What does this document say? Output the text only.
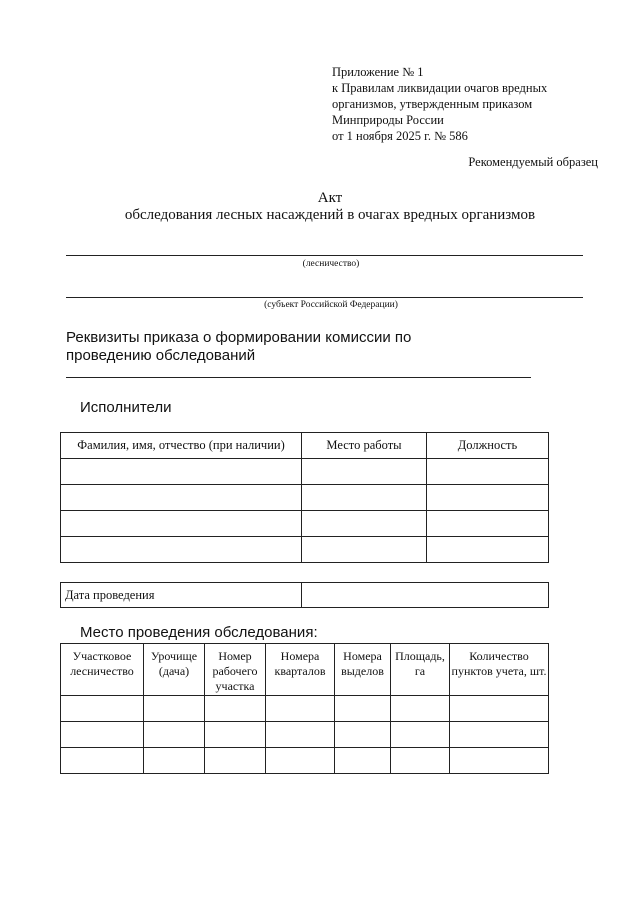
Приложение № 1
к Правилам ликвидации очагов вредных
организмов, утвержденным приказом
Минприроды России
от 1 ноября 2025 г. № 586
Рекомендуемый образец
Акт
обследования лесных насаждений в очагах вредных организмов
(лесничество)
(субъект Российской Федерации)
Реквизиты приказа о формировании комиссии по проведению обследований
Исполнители
Фамилия, имя, отчество (при наличии)	Место работы	Должность

Дата проведения	
Место проведения обследования:
Участковое лесничество	Урочище (дача)	Номер рабочего участка	Номера кварталов	Номера выделов	Площадь, га	Количество пунктов учета, шт.
